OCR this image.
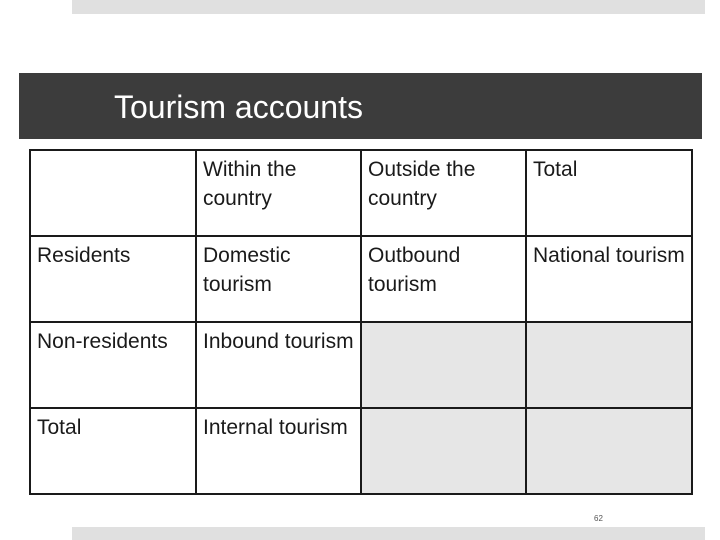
Tourism accounts
	Within the country	Outside the country	Total
Residents	Domestic tourism	Outbound tourism	National tourism
Non-residents	Inbound tourism		
Total	Internal tourism		
62
